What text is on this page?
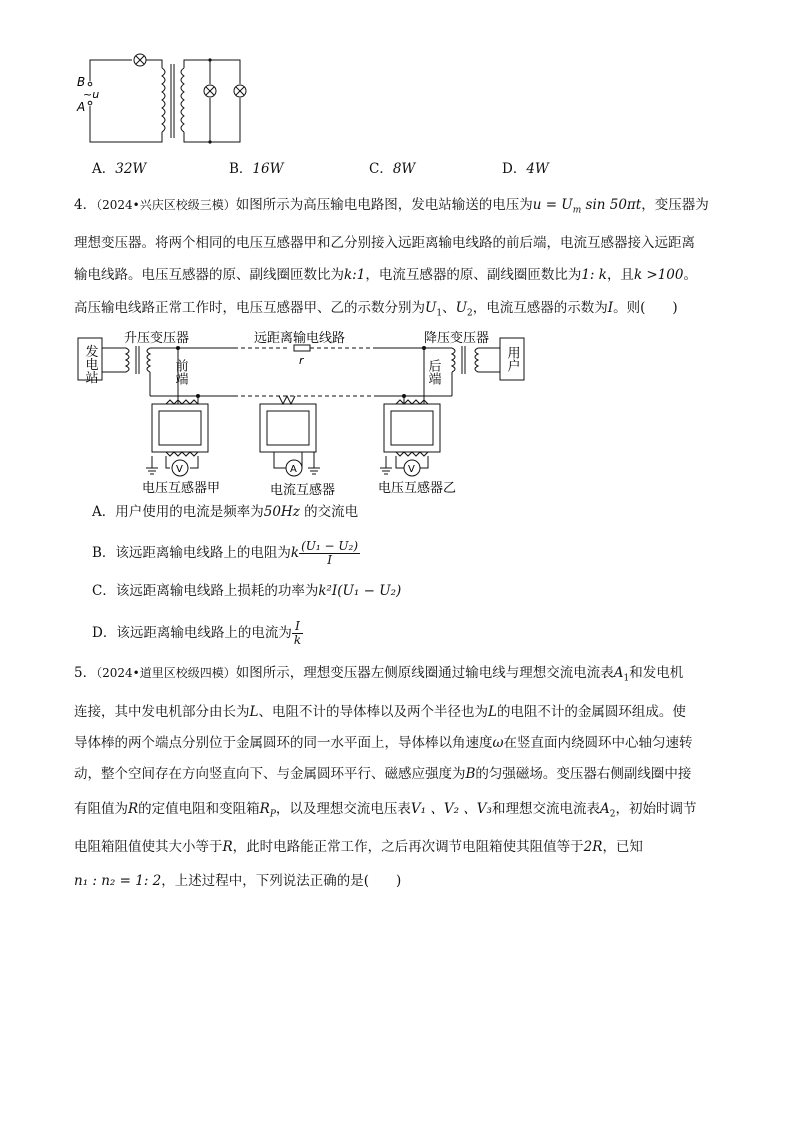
B
~u
A
A．32W	B．16W	C．8W	D．4W
4．（2024•兴庆区校级三模）如图所示为高压输电电路图，发电站输送的电压为$u = U_m$ sin 50πt，变压器为
理想变压器。将两个相同的电压互感器甲和乙分别接入远距离输电线路的前后端，电流互感器接入远距离
输电线路。电压互感器的原、副线圈匝数比为k:1，电流互感器的原、副线圈匝数比为1: k，且k >100。
高压输电线路正常工作时，电压互感器甲、乙的示数分别为$U_1$、$U_2$，电流互感器的示数为I。则(　　)
升压变压器	远距离输电线路	降压变压器
r
发电站	用户
前端	后端
V	A	V
电压互感器甲	电流互感器	电压互感器乙
A．用户使用的电流是频率为50Hz 的交流电
B．该远距离输电线路上的电阻为k $\frac{\text{(U₁ − U₂)}}{I}$
C．该远距离输电线路上损耗的功率为k²I(U₁ − U₂)
D．该远距离输电线路上的电流为 $\frac{I}{k}$
5．（2024•道里区校级四模）如图所示，理想变压器左侧原线圈通过输电线与理想交流电流表$A_1$和发电机
连接，其中发电机部分由长为L、电阻不计的导体棒以及两个半径也为L的电阻不计的金属圆环组成。使
导体棒的两个端点分别位于金属圆环的同一水平面上，导体棒以角速度ω在竖直面内绕圆环中心轴匀速转
动，整个空间存在方向竖直向下、与金属圆环平行、磁感应强度为B的匀强磁场。变压器右侧副线圈中接
有阻值为R的定值电阻和变阻箱$R_P$，以及理想交流电压表V₁ 、V₂ 、V₃和理想交流电流表$A_2$，初始时调节
电阻箱阻值使其大小等于R，此时电路能正常工作，之后再次调节电阻箱使其阻值等于2R，已知
n₁ : n₂ = 1: 2，上述过程中，下列说法正确的是(　　)
